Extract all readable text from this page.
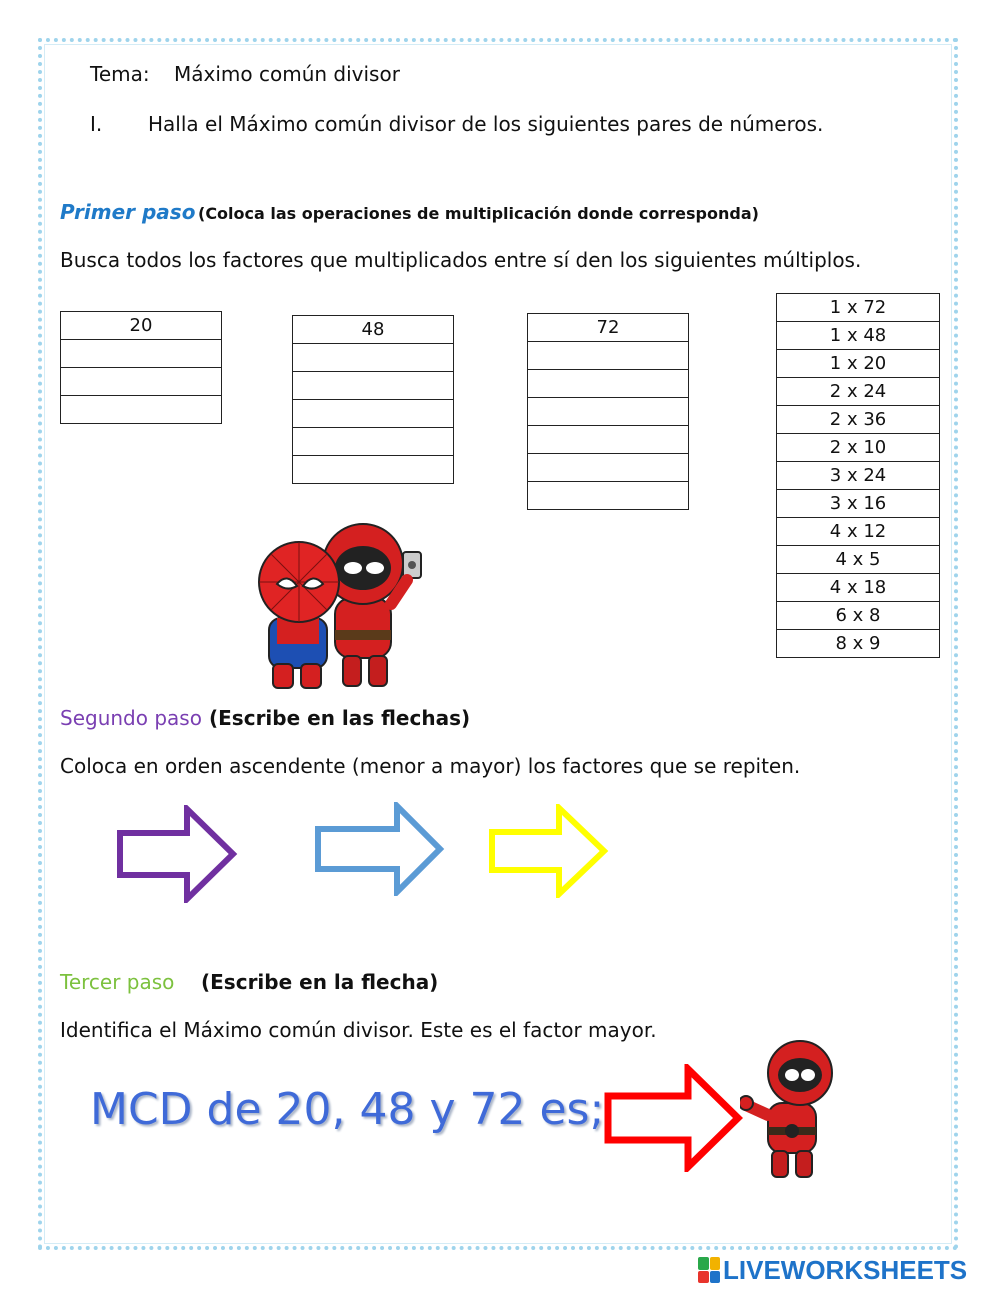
Tema: Máximo común divisor
I. Halla el Máximo común divisor de los siguientes pares de números.
Primer paso (Coloca las operaciones de multiplicación donde corresponda)
Busca todos los factores que multiplicados entre sí den los siguientes múltiplos.
20	48	72

1 x 72
1 x 48
1 x 20
2 x 24
2 x 36
2 x 10
3 x 24
3 x 16
4 x 12
4 x 5
4 x 18
6 x 8
8 x 9
Segundo paso (Escribe en las flechas)
Coloca en orden ascendente (menor a mayor) los factores que se repiten.
Tercer paso (Escribe en la flecha)
Identifica el Máximo común divisor. Este es el factor mayor.
MCD de 20, 48 y 72 es;
LIVEWORKSHEETS
